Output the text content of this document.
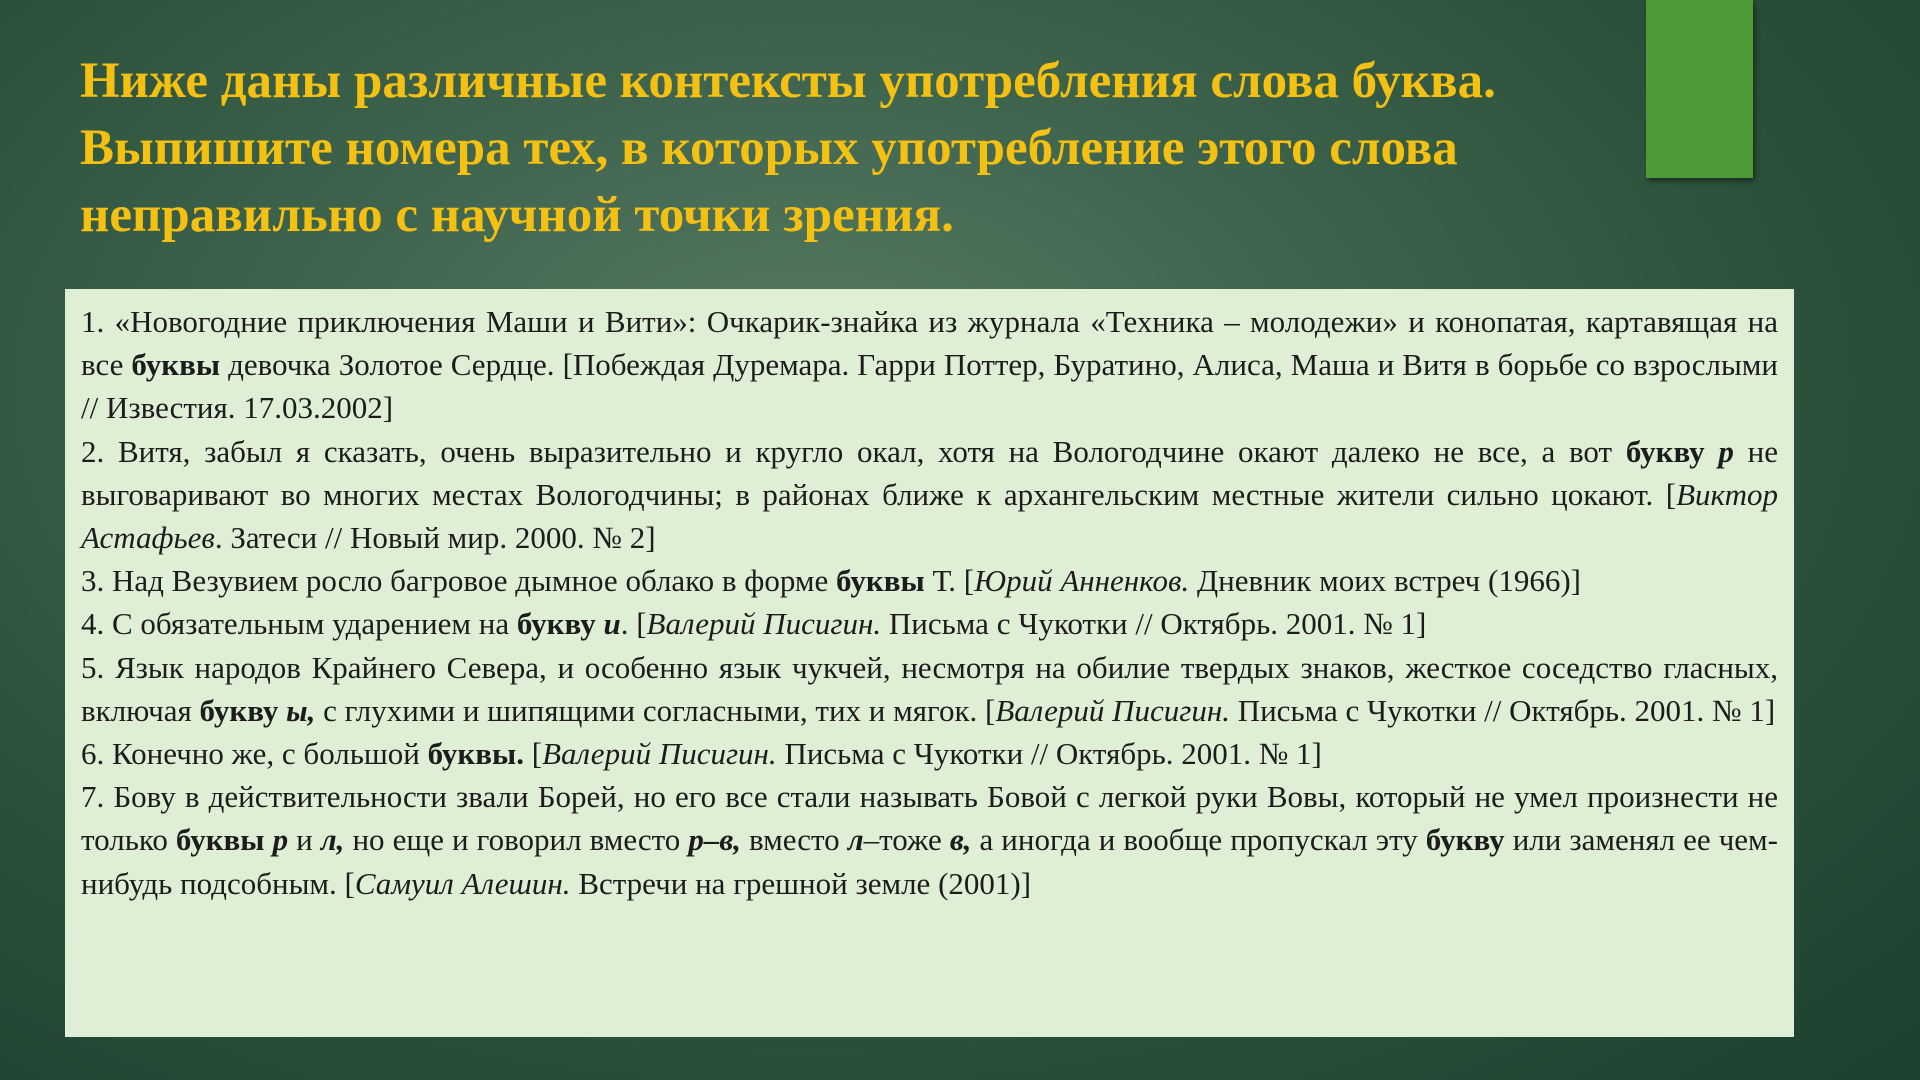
Ниже даны различные контексты употребления слова буква.
Выпишите номера тех, в которых употребление этого слова
неправильно с научной точки зрения.

1. «Новогодние приключения Маши и Вити»: Очкарик-знайка из журнала «Техника – молодежи» и конопатая, картавящая на все буквы девочка Золотое Сердце. [Побеждая Дуремара. Гарри Поттер, Буратино, Алиса, Маша и Витя в борьбе со взрослыми // Известия. 17.03.2002]

2. Витя, забыл я сказать, очень выразительно и кругло окал, хотя на Вологодчине окают далеко не все, а вот букву р не выговаривают во многих местах Вологодчины; в районах ближе к архангельским местные жители сильно цокают. [Виктор Астафьев. Затеси // Новый мир. 2000. № 2]

3. Над Везувием росло багровое дымное облако в форме буквы Т. [Юрий Анненков. Дневник моих встреч (1966)]

4. С обязательным ударением на букву и. [Валерий Писигин. Письма с Чукотки // Октябрь. 2001. № 1]

5. Язык народов Крайнего Севера, и особенно язык чукчей, несмотря на обилие твердых знаков, жесткое соседство гласных, включая букву ы, с глухими и шипящими согласными, тих и мягок. [Валерий Писигин. Письма с Чукотки // Октябрь. 2001. № 1]

6. Конечно же, с большой буквы. [Валерий Писигин. Письма с Чукотки // Октябрь. 2001. № 1]

7. Бову в действительности звали Борей, но его все стали называть Бовой с легкой руки Вовы, который не умел произнести не только буквы р и л, но еще и говорил вместо р–в, вместо л–тоже в, а иногда и вообще пропускал эту букву или заменял ее чем-нибудь подсобным. [Самуил Алешин. Встречи на грешной земле (2001)]
